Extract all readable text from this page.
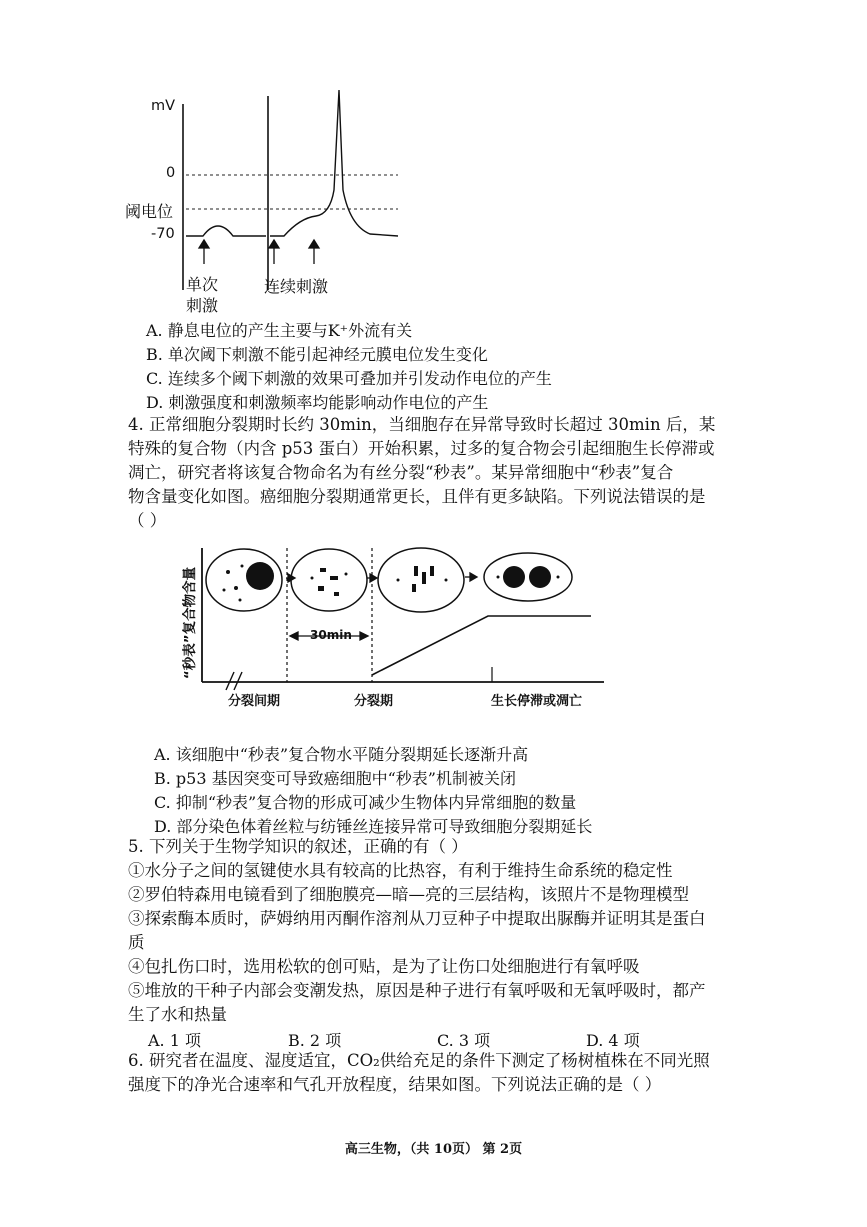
mV
0
阈电位
-70
单次
刺激
连续刺激
A. 静息电位的产生主要与K⁺外流有关
B. 单次阈下刺激不能引起神经元膜电位发生变化
C. 连续多个阈下刺激的效果可叠加并引发动作电位的产生
D. 刺激强度和刺激频率均能影响动作电位的产生
4. 正常细胞分裂期时长约 30min，当细胞存在异常导致时长超过 30min 后，某
特殊的复合物（内含 p53 蛋白）开始积累，过多的复合物会引起细胞生长停滞或
凋亡，研究者将该复合物命名为有丝分裂“秒表”。某异常细胞中“秒表”复合
物含量变化如图。癌细胞分裂期通常更长，且伴有更多缺陷。下列说法错误的是
（ ）
“秒表”复合物含量	30min
分裂间期	分裂期	生长停滞或凋亡
A. 该细胞中“秒表”复合物水平随分裂期延长逐渐升高
B. p53 基因突变可导致癌细胞中“秒表”机制被关闭
C. 抑制“秒表”复合物的形成可减少生物体内异常细胞的数量
D. 部分染色体着丝粒与纺锤丝连接异常可导致细胞分裂期延长
5. 下列关于生物学知识的叙述，正确的有（ ）
①水分子之间的氢键使水具有较高的比热容，有利于维持生命系统的稳定性
②罗伯特森用电镜看到了细胞膜亮—暗—亮的三层结构，该照片不是物理模型
③探索酶本质时，萨姆纳用丙酮作溶剂从刀豆种子中提取出脲酶并证明其是蛋白
质
④包扎伤口时，选用松软的创可贴，是为了让伤口处细胞进行有氧呼吸
⑤堆放的干种子内部会变潮发热，原因是种子进行有氧呼吸和无氧呼吸时，都产
生了水和热量
A. 1 项	B. 2 项	C. 3 项	D. 4 项
6. 研究者在温度、湿度适宜，CO₂供给充足的条件下测定了杨树植株在不同光照
强度下的净光合速率和气孔开放程度，结果如图。下列说法正确的是（ ）
高三生物，（共 10页） 第 2页
